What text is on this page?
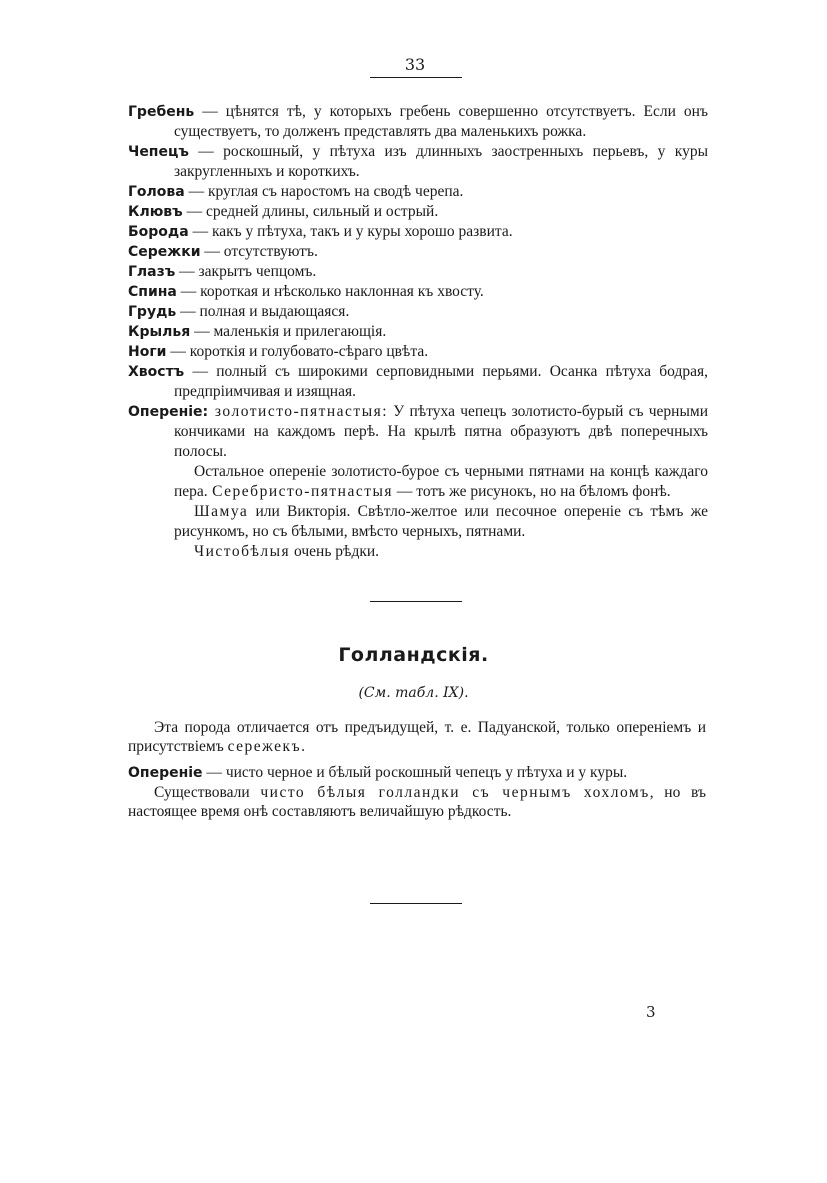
33

Гребень — цѣнятся тѣ, у которыхъ гребень совершенно отсутствуетъ. Если онъ существуетъ, то долженъ представлять два маленькихъ рожка.

Чепецъ — роскошный, у пѣтуха изъ длинныхъ заостренныхъ перьевъ, у куры закругленныхъ и короткихъ.

Голова — круглая съ наростомъ на сводѣ черепа.

Клювъ — средней длины, сильный и острый.

Борода — какъ у пѣтуха, такъ и у куры хорошо развита.

Сережки — отсутствуютъ.

Глазъ — закрытъ чепцомъ.

Спина — короткая и нѣсколько наклонная къ хвосту.

Грудь — полная и выдающаяся.

Крылья — маленькія и прилегающія.

Ноги — короткія и голубовато-сѣраго цвѣта.

Хвостъ — полный съ широкими серповидными перьями. Осанка пѣтуха бодрая, предпріимчивая и изящная.

Опереніе: золотисто-пятнастыя: У пѣтуха чепецъ золотисто-бурый съ черными кончиками на каждомъ перѣ. На крылѣ пятна образуютъ двѣ поперечныхъ полосы.

Остальное опереніе золотисто-бурое съ черными пятнами на концѣ каждаго пера. Серебристо-пятнастыя — тотъ же рисунокъ, но на бѣломъ фонѣ.

Шамуа или Викторія. Свѣтло-желтое или песочное опереніе съ тѣмъ же рисункомъ, но съ бѣлыми, вмѣсто черныхъ, пятнами.

Чистобѣлыя очень рѣдки.

Голландскія.
(См. табл. IX).

Эта порода отличается отъ предъидущей, т. е. Падуанской, только опереніемъ и присутствіемъ сережекъ.

Опереніе — чисто черное и бѣлый роскошный чепецъ у пѣтуха и у куры.

Существовали чисто бѣлыя голландки съ чернымъ хохломъ, но въ настоящее время онѣ составляютъ величайшую рѣдкость.

3
